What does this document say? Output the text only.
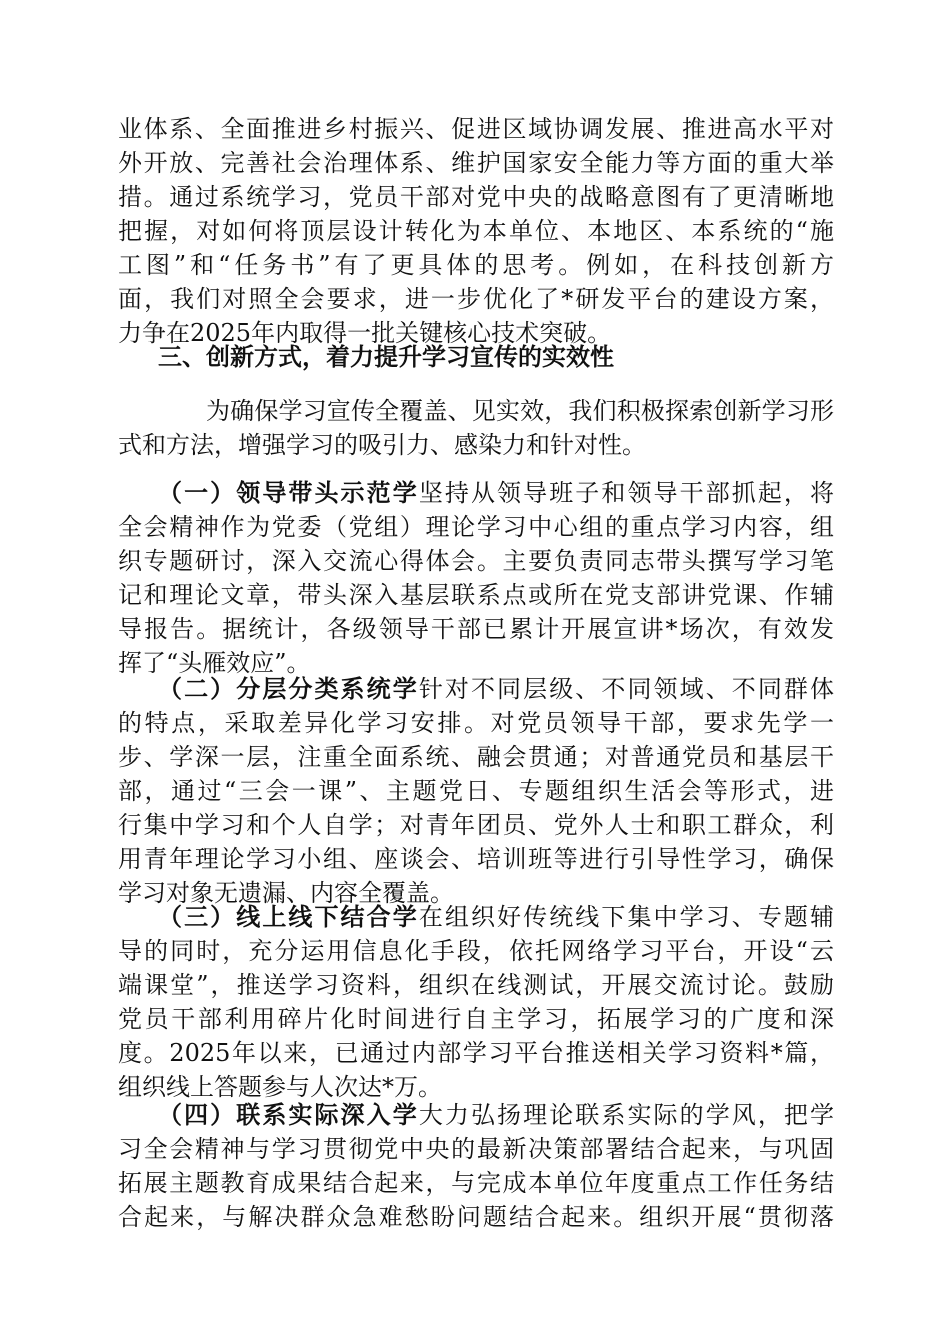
业体系、全面推进乡村振兴、促进区域协调发展、推进高水平对
外开放、完善社会治理体系、维护国家安全能力等方面的重大举
措。通过系统学习，党员干部对党中央的战略意图有了更清晰地
把握，对如何将顶层设计转化为本单位、本地区、本系统的“施
工图”和“任务书”有了更具体的思考。例如，在科技创新方
面，我们对照全会要求，进一步优化了*研发平台的建设方案，
力争在2025年内取得一批关键核心技术突破。
三、创新方式，着力提升学习宣传的实效性
为确保学习宣传全覆盖、见实效，我们积极探索创新学习形
式和方法，增强学习的吸引力、感染力和针对性。
（一）领导带头示范学坚持从领导班子和领导干部抓起，将
全会精神作为党委（党组）理论学习中心组的重点学习内容，组
织专题研讨，深入交流心得体会。主要负责同志带头撰写学习笔
记和理论文章，带头深入基层联系点或所在党支部讲党课、作辅
导报告。据统计，各级领导干部已累计开展宣讲*场次，有效发
挥了“头雁效应”。
（二）分层分类系统学针对不同层级、不同领域、不同群体
的特点，采取差异化学习安排。对党员领导干部，要求先学一
步、学深一层，注重全面系统、融会贯通；对普通党员和基层干
部，通过“三会一课”、主题党日、专题组织生活会等形式，进
行集中学习和个人自学；对青年团员、党外人士和职工群众，利
用青年理论学习小组、座谈会、培训班等进行引导性学习，确保
学习对象无遗漏、内容全覆盖。
（三）线上线下结合学在组织好传统线下集中学习、专题辅
导的同时，充分运用信息化手段，依托网络学习平台，开设“云
端课堂”，推送学习资料，组织在线测试，开展交流讨论。鼓励
党员干部利用碎片化时间进行自主学习，拓展学习的广度和深
度。2025年以来，已通过内部学习平台推送相关学习资料*篇，
组织线上答题参与人次达*万。
（四）联系实际深入学大力弘扬理论联系实际的学风，把学
习全会精神与学习贯彻党中央的最新决策部署结合起来，与巩固
拓展主题教育成果结合起来，与完成本单位年度重点工作任务结
合起来，与解决群众急难愁盼问题结合起来。组织开展“贯彻落
